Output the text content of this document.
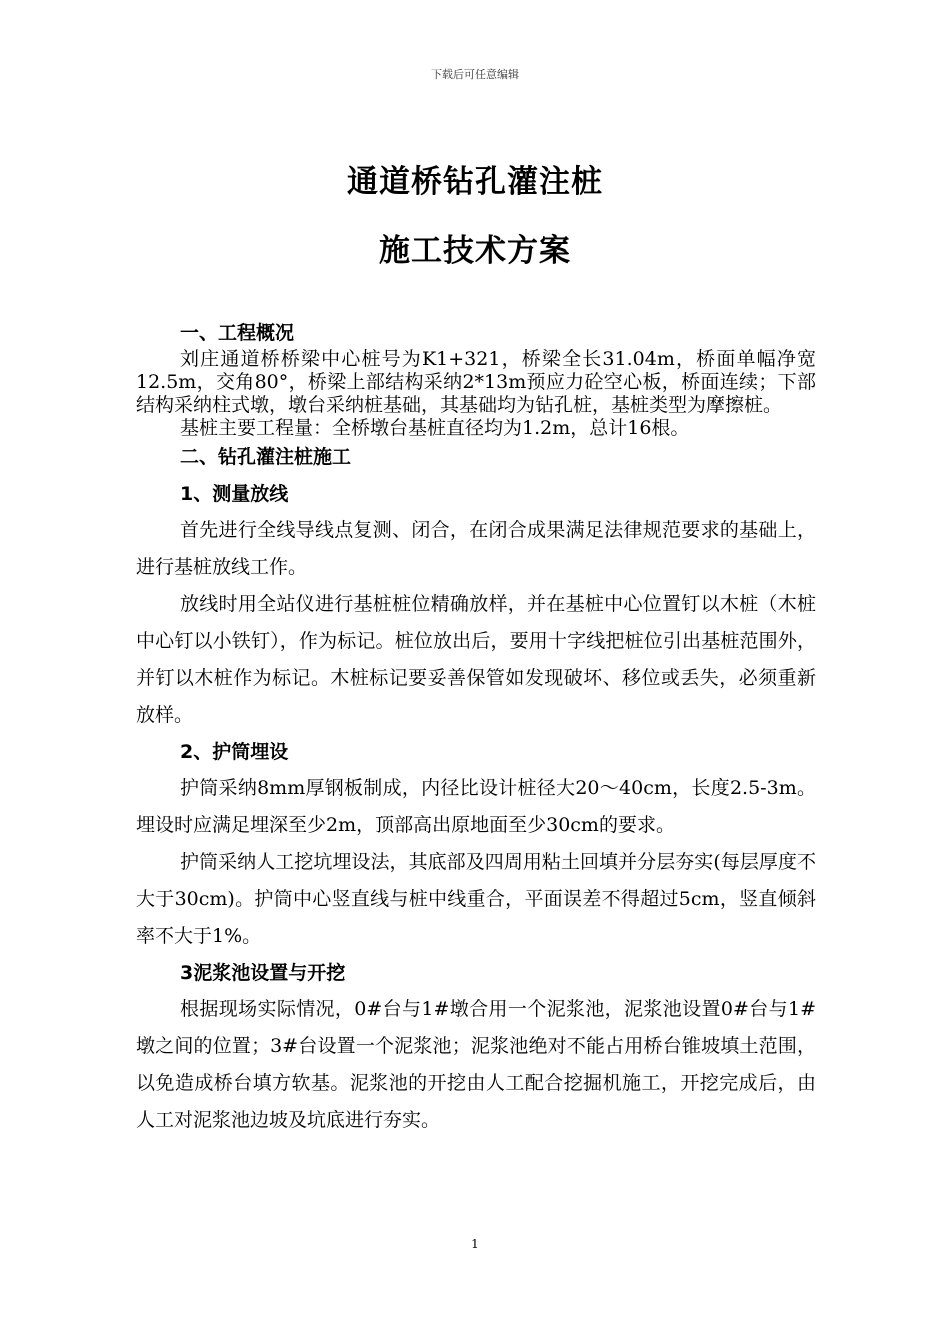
下载后可任意编辑
通道桥钻孔灌注桩
施工技术方案
一、工程概况

刘庄通道桥桥梁中心桩号为K1+321，桥梁全长31.04m，桥面单幅净宽12.5m，交角80°，桥梁上部结构采纳2*13m预应力砼空心板，桥面连续；下部结构采纳柱式墩，墩台采纳桩基础，其基础均为钻孔桩，基桩类型为摩擦桩。

基桩主要工程量：全桥墩台基桩直径均为1.2m，总计16根。

二、钻孔灌注桩施工
1、测量放线

首先进行全线导线点复测、闭合，在闭合成果满足法律规范要求的基础上，进行基桩放线工作。

放线时用全站仪进行基桩桩位精确放样，并在基桩中心位置钉以木桩（木桩中心钉以小铁钉），作为标记。桩位放出后，要用十字线把桩位引出基桩范围外，并钉以木桩作为标记。木桩标记要妥善保管如发现破坏、移位或丢失，必须重新放样。

2、护筒埋设

护筒采纳8mm厚钢板制成，内径比设计桩径大20～40cm，长度2.5-3m。埋设时应满足埋深至少2m，顶部高出原地面至少30cm的要求。

护筒采纳人工挖坑埋设法，其底部及四周用粘土回填并分层夯实(每层厚度不大于30cm)。护筒中心竖直线与桩中线重合，平面误差不得超过5cm，竖直倾斜率不大于1%。

3泥浆池设置与开挖

根据现场实际情况，0#台与1#墩合用一个泥浆池，泥浆池设置0#台与1#墩之间的位置；3#台设置一个泥浆池；泥浆池绝对不能占用桥台锥坡填土范围，以免造成桥台填方软基。泥浆池的开挖由人工配合挖掘机施工，开挖完成后，由人工对泥浆池边坡及坑底进行夯实。

1
